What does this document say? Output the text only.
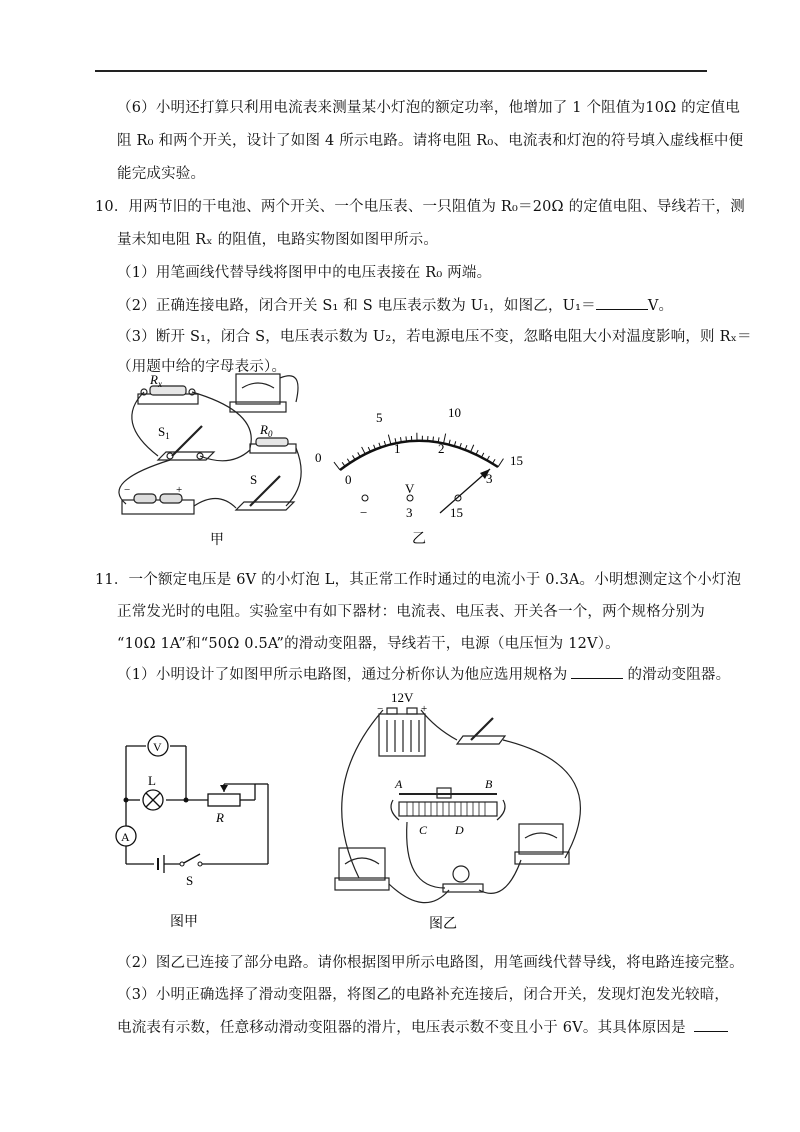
（6）小明还打算只利用电流表来测量某小灯泡的额定功率，他增加了 1 个阻值为10Ω 的定值电
阻 R₀ 和两个开关，设计了如图 4 所示电路。请将电阻 R₀、电流表和灯泡的符号填入虚线框中便
能完成实验。
10．用两节旧的干电池、两个开关、一个电压表、一只阻值为 R₀＝20Ω 的定值电阻、导线若干，测
量未知电阻 Rₓ 的阻值，电路实物图如图甲所示。
（1）用笔画线代替导线将图甲中的电压表接在 R₀ 两端。
（2）正确连接电路，闭合开关 S₁ 和 S 电压表示数为 U₁，如图乙，U₁＝	V。
（3）断开 S₁，闭合 S，电压表示数为 U₂，若电源电压不变，忽略电阻大小对温度影响，则 Rₓ＝
（用题中给的字母表示）。
$R_x$
$S_1$	$R_0$
S
−	+
甲
0
5	10
15
0
1	2
3
V
−	3	15
乙
11．一个额定电压是 6V 的小灯泡 L，其正常工作时通过的电流小于 0.3A。小明想测定这个小灯泡
正常发光时的电阻。实验室中有如下器材：电流表、电压表、开关各一个，两个规格分别为
“10Ω 1A”和“50Ω 0.5A”的滑动变阻器，导线若干，电源（电压恒为 12V）。
（1）小明设计了如图甲所示电路图，通过分析你认为他应选用规格为	的滑动变阻器。
V
A
L
R
S
图甲
12V
−	+
A	B
C D
图乙
（2）图乙已连接了部分电路。请你根据图甲所示电路图，用笔画线代替导线，将电路连接完整。
（3）小明正确选择了滑动变阻器，将图乙的电路补充连接后，闭合开关，发现灯泡发光较暗，
电流表有示数，任意移动滑动变阻器的滑片，电压表示数不变且小于 6V。其具体原因是
